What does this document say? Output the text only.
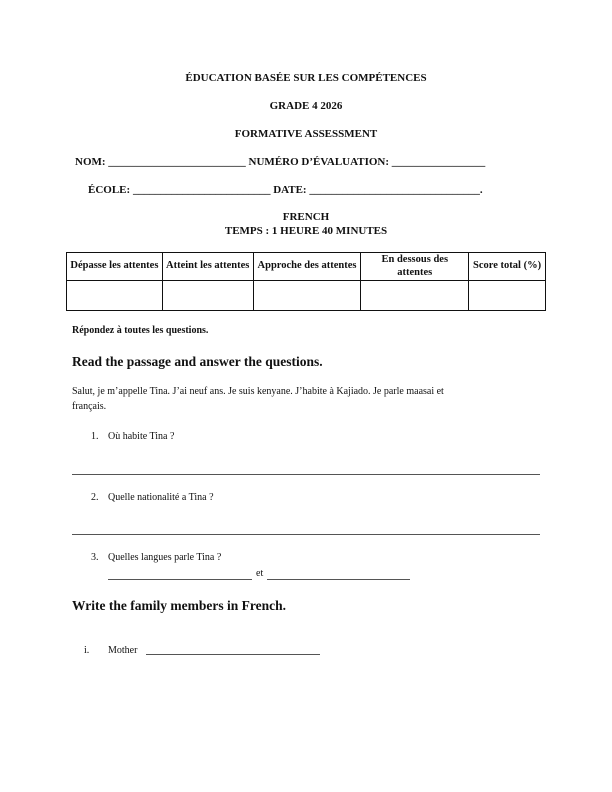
ÉDUCATION BASÉE SUR LES COMPÉTENCES
GRADE 4 2026
FORMATIVE ASSESSMENT
NOM: _________________________ NUMÉRO D’ÉVALUATION: _________________
ÉCOLE: _________________________ DATE: _______________________________.
FRENCH
TEMPS : 1 HEURE 40 MINUTES
Dépasse les attentes	Atteint les attentes	Approche des attentes	En dessous des attentes	Score total (%)

Répondez à toutes les questions.
Read the passage and answer the questions.
Salut, je m’appelle Tina. J’ai neuf ans. Je suis kenyane. J’habite à Kajiado. Je parle maasai et
français.
1. Où habite Tina ?
2. Quelle nationalité a Tina ?
3. Quelles langues parle Tina ?
et
Write the family members in French.
i. Mother
